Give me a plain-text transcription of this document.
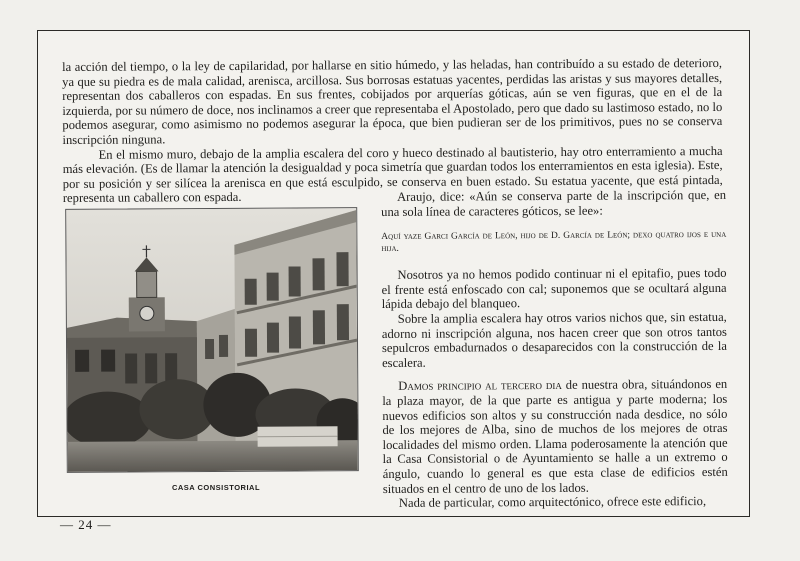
la acción del tiempo, o la ley de capilaridad, por hallarse en sitio húmedo, y las heladas, han contribuído a su estado de deterioro, ya que su piedra es de mala calidad, arenisca, arcillosa. Sus borrosas estatuas yacentes, perdidas las aristas y sus mayores detalles, representan dos caballeros con espadas. En sus frentes, cobijados por arquerías góticas, aún se ven figuras, que en el de la izquierda, por su número de doce, nos inclinamos a creer que representaba el Apostolado, pero que dado su lastimoso estado, no lo podemos asegurar, como asimismo no podemos asegurar la época, que bien pudieran ser de los primitivos, pues no se conserva inscripción ninguna.

En el mismo muro, debajo de la amplia escalera del coro y hueco destinado al bautisterio, hay otro enterramiento a mucha más elevación. (Es de llamar la atención la desigualdad y poca simetría que guardan todos los enterramientos en esta iglesia). Este, por su posición y ser silícea la arenisca en que está esculpido, se conserva en buen estado. Su estatua yacente, que está pintada, representa un caballero con espada.

CASA CONSISTORIAL

Araujo, dice: «Aún se conserva parte de la inscripción que, en una sola línea de caracteres góticos, se lee»:

Aquí yaze Garci García de León, hijo de D. García de León; dexo quatro ijos e una hija.

Nosotros ya no hemos podido continuar ni el epitafio, pues todo el frente está enfoscado con cal; suponemos que se ocultará alguna lápida debajo del blanqueo.

Sobre la amplia escalera hay otros varios nichos que, sin estatua, adorno ni inscripción alguna, nos hacen creer que son otros tantos sepulcros embadurnados o desaparecidos con la construcción de la escalera.

Damos principio al tercero dia de nuestra obra, situándonos en la plaza mayor, de la que parte es antigua y parte moderna; los nuevos edificios son altos y su construcción nada desdice, no sólo de los mejores de Alba, sino de muchos de los mejores de otras localidades del mismo orden. Llama poderosamente la atención que la Casa Consistorial o de Ayuntamiento se halle a un extremo o ángulo, cuando lo general es que esta clase de edificios estén situados en el centro de uno de los lados.

Nada de particular, como arquitectónico, ofrece este edificio,

— 24 —
